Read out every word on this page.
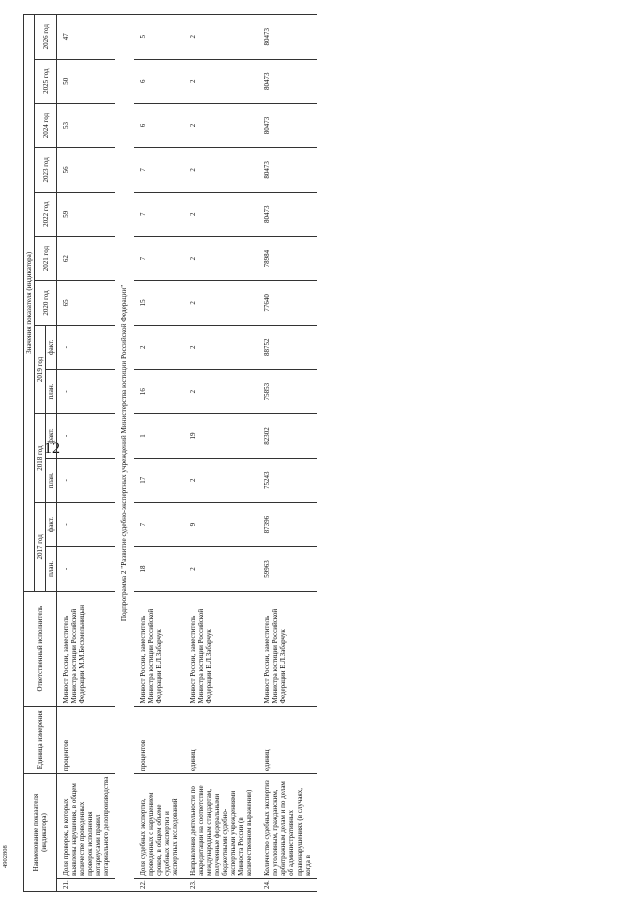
12
4902808	Наименование показателя (индикатора)		Единица измерения	Ответственный исполнитель	Значения показателя (индикатора)												
				2017 год		2018 год		2019 год		2020 год	2021 год	2022 год	2023 год	2024 год	2025 год	2026 год
				план.	факт.	план.	факт.	план.	факт.							
21.	Доля проверок, в которых выявлены нарушения, в общем количестве проведенных проверок исполнения нотариусами правил нотариального делопроизводства	процентов	Минюст России, заместитель Министра юстиции Российской Федерации М.М.Бесхмельницын	-	-	-	-	-	-	65	62	59	56	53	50	47
Подпрограмма 2 "Развитие судебно-экспертных учреждений Министерства юстиции Российской Федерации"																
22.	Доля судебных экспертиз, проведенных с нарушением сроков, в общем объеме судебных экспертиз и экспертных исследований	процентов	Минюст России, заместитель Министра юстиции Российской Федерации Е.Л.Забарчук	18	7	17	1	16	2	15	7	7	7	6	6	5
23.	Направления деятельности по аккредитации на соответствие международным стандартам, полученные федеральными бюджетными судебно-экспертными учреждениями Минюста России (в количественном выражении)	единиц	Минюст России, заместитель Министра юстиции Российской Федерации Е.Л.Забарчук	2	9	2	19	2	2	2	2	2	2	2	2	2
24.	Количество судебных экспертиз по уголовным, гражданским, арбитражным делам и по делам об административных правонарушениях (в случаях, когда в	единиц	Минюст России, заместитель Министра юстиции Российской Федерации Е.Л.Забарчук	59963	87396	75243	82302	75853	88752	77640	78984	80473	80473	80473	80473	80473
